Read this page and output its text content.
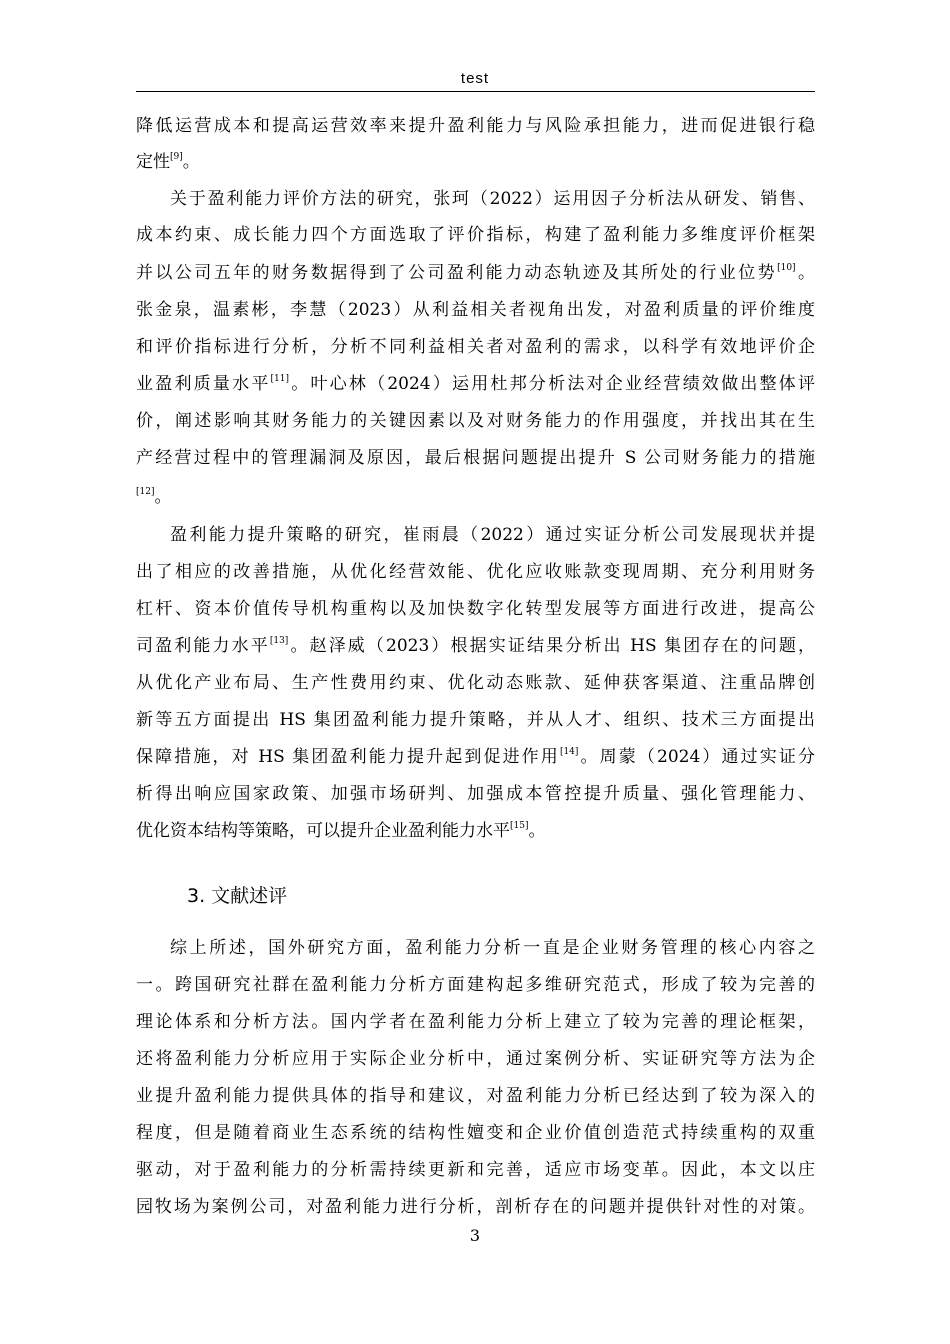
test
降低运营成本和提高运营效率来提升盈利能力与风险承担能力，进而促进银行稳
定性[9]。
关于盈利能力评价方法的研究，张珂（2022）运用因子分析法从研发、销售、
成本约束、成长能力四个方面选取了评价指标，构建了盈利能力多维度评价框架
并以公司五年的财务数据得到了公司盈利能力动态轨迹及其所处的行业位势[10]。
张金泉，温素彬，李慧（2023）从利益相关者视角出发，对盈利质量的评价维度
和评价指标进行分析，分析不同利益相关者对盈利的需求，以科学有效地评价企
业盈利质量水平[11]。叶心林（2024）运用杜邦分析法对企业经营绩效做出整体评
价，阐述影响其财务能力的关键因素以及对财务能力的作用强度，并找出其在生
产经营过程中的管理漏洞及原因，最后根据问题提出提升 S 公司财务能力的措施
[12]。
盈利能力提升策略的研究，崔雨晨（2022）通过实证分析公司发展现状并提
出了相应的改善措施，从优化经营效能、优化应收账款变现周期、充分利用财务
杠杆、资本价值传导机构重构以及加快数字化转型发展等方面进行改进，提高公
司盈利能力水平[13]。赵泽威（2023）根据实证结果分析出 HS 集团存在的问题，
从优化产业布局、生产性费用约束、优化动态账款、延伸获客渠道、注重品牌创
新等五方面提出 HS 集团盈利能力提升策略，并从人才、组织、技术三方面提出
保障措施，对 HS 集团盈利能力提升起到促进作用[14]。周蒙（2024）通过实证分
析得出响应国家政策、加强市场研判、加强成本管控提升质量、强化管理能力、
优化资本结构等策略，可以提升企业盈利能力水平[15]。
3. 文献述评
综上所述，国外研究方面，盈利能力分析一直是企业财务管理的核心内容之
一。跨国研究社群在盈利能力分析方面建构起多维研究范式，形成了较为完善的
理论体系和分析方法。国内学者在盈利能力分析上建立了较为完善的理论框架，
还将盈利能力分析应用于实际企业分析中，通过案例分析、实证研究等方法为企
业提升盈利能力提供具体的指导和建议，对盈利能力分析已经达到了较为深入的
程度，但是随着商业生态系统的结构性嬗变和企业价值创造范式持续重构的双重
驱动，对于盈利能力的分析需持续更新和完善，适应市场变革。因此，本文以庄
园牧场为案例公司，对盈利能力进行分析，剖析存在的问题并提供针对性的对策。
3
